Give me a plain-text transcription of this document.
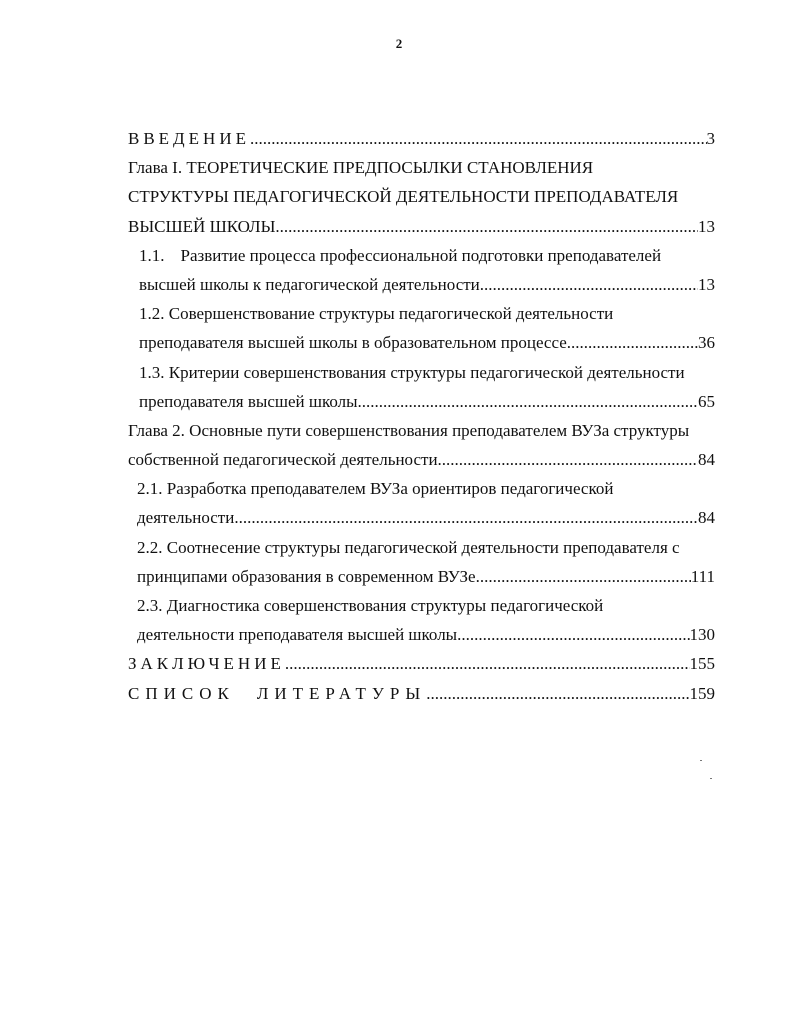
2
ВВЕДЕНИЕ .....	3
Глава I. ТЕОРЕТИЧЕСКИЕ ПРЕДПОСЫЛКИ СТАНОВЛЕНИЯ
СТРУКТУРЫ ПЕДАГОГИЧЕСКОЙ ДЕЯТЕЛЬНОСТИ ПРЕПОДАВАТЕЛЯ
ВЫСШЕЙ ШКОЛЫ .....	13
1.1. Развитие процесса профессиональной подготовки преподавателей
высшей школы к педагогической деятельности .....	13
1.2. Совершенствование структуры педагогической деятельности
преподавателя высшей школы в образовательном процессе. .....	36
1.3. Критерии совершенствования структуры педагогической деятельности
преподавателя высшей школы. .....	65
Глава 2. Основные пути совершенствования преподавателем ВУЗа структуры
собственной педагогической деятельности. .....	84
2.1. Разработка преподавателем ВУЗа ориентиров педагогической
деятельности .....	84
2.2. Соотнесение структуры педагогической деятельности преподавателя с
принципами образования в современном ВУЗе. .....	111
2.3. Диагностика совершенствования структуры педагогической
деятельности преподавателя высшей школы. .....	130
ЗАКЛЮЧЕНИЕ .....	155
СПИСОК ЛИТЕРАТУРЫ .....	159
